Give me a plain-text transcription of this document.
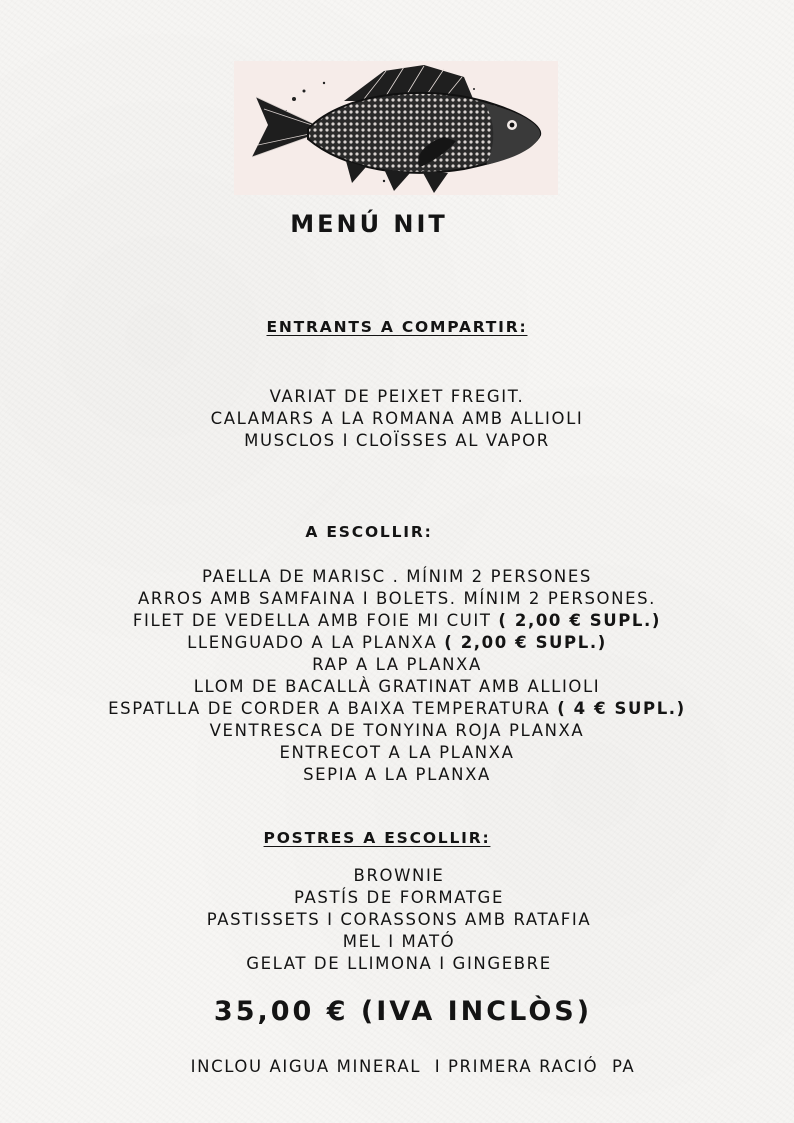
MENÚ NIT
ENTRANTS A COMPARTIR:
VARIAT DE PEIXET FREGIT.
CALAMARS A LA ROMANA AMB ALLIOLI
MUSCLOS I CLOÏSSES AL VAPOR
A ESCOLLIR:
PAELLA DE MARISC . MÍNIM 2 PERSONES
ARROS AMB SAMFAINA I BOLETS. MÍNIM 2 PERSONES.
FILET DE VEDELLA AMB FOIE MI CUIT ( 2,00 € SUPL.)
LLENGUADO A LA PLANXA ( 2,00 € SUPL.)
RAP A LA PLANXA
LLOM DE BACALLÀ GRATINAT AMB ALLIOLI
ESPATLLA DE CORDER A BAIXA TEMPERATURA ( 4 € SUPL.)
VENTRESCA DE TONYINA ROJA PLANXA
ENTRECOT A LA PLANXA
SEPIA A LA PLANXA
POSTRES A ESCOLLIR:
BROWNIE
PASTÍS DE FORMATGE
PASTISSETS I CORASSONS AMB RATAFIA
MEL I MATÓ
GELAT DE LLIMONA I GINGEBRE
35,00 € (IVA INCLÒS)
INCLOU AIGUA MINERAL  I PRIMERA RACIÓ  PA
